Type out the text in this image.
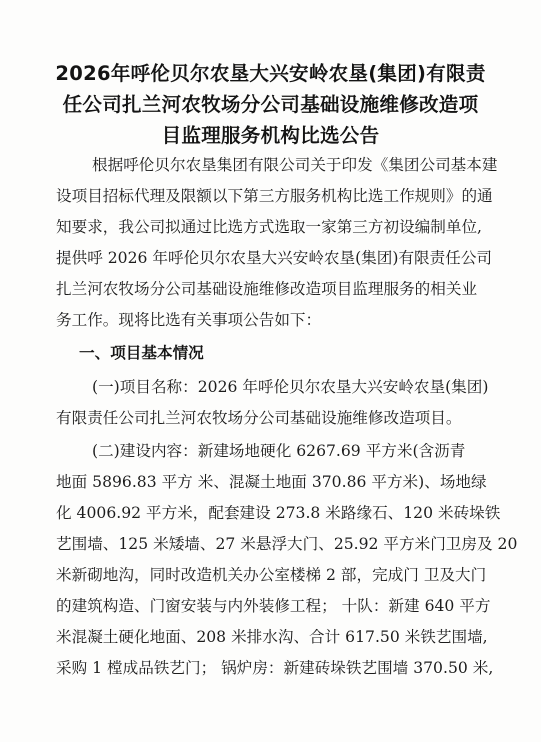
2026年呼伦贝尔农垦大兴安岭农垦(集团)有限责
任公司扎兰河农牧场分公司基础设施维修改造项
目监理服务机构比选公告
根据呼伦贝尔农垦集团有限公司关于印发《集团公司基本建
设项目招标代理及限额以下第三方服务机构比选工作规则》的通
知要求，我公司拟通过比选方式选取一家第三方初设编制单位,
提供呼 2026 年呼伦贝尔农垦大兴安岭农垦(集团)有限责任公司
扎兰河农牧场分公司基础设施维修改造项目监理服务的相关业
务工作。现将比选有关事项公告如下：
一、项目基本情况
(一)项目名称：2026 年呼伦贝尔农垦大兴安岭农垦(集团)
有限责任公司扎兰河农牧场分公司基础设施维修改造项目。
(二)建设内容：新建场地硬化 6267.69 平方米(含沥青
地面 5896.83 平方 米、混凝土地面 370.86 平方米)、场地绿
化 4006.92 平方米，配套建设 273.8 米路缘石、120 米砖垛铁
艺围墙、125 米矮墙、27 米悬浮大门、25.92 平方米门卫房及 20
米新砌地沟，同时改造机关办公室楼梯 2 部，完成门 卫及大门
的建筑构造、门窗安装与内外装修工程； 十队：新建 640 平方
米混凝土硬化地面、208 米排水沟、合计 617.50 米铁艺围墙,
采购 1 樘成品铁艺门； 锅炉房：新建砖垛铁艺围墙 370.50 米,
